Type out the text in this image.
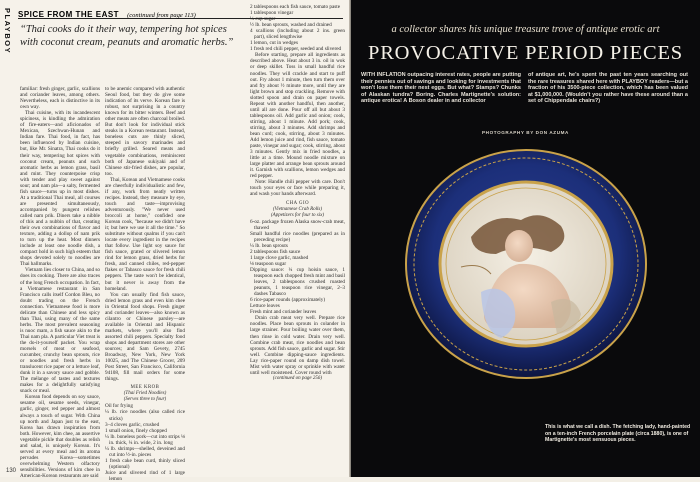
PLAYBOY SPICE FROM THE EAST (continued from page 113)
“Thai cooks do it their way, tempering hot spices with coconut cream, peanuts and aromatic herbs.”

familiar: fresh ginger, garlic, scallions and coriander leaves, among others. Nevertheless, each is distinctive in its own way.

Thai cuisine, with its incandescent spiciness, is kindling the admiration of fire-eaters—and aficionados of Mexican, Szechwan-Hunan and Indian fare. Thai food, in fact, has been influenced by Indian cuisine, but, like Mr. Sinatra, Thai cooks do it their way, tempering hot spices with coconut cream, peanuts and such aromatic herbs as lemon grass, basil and mint. They counterpoise crisp with tender and play sweet against sour; and nam pla—a salty, fermented fish sauce—turns up in most dishes. At a traditional Thai meal, all courses are presented simultaneously, accompanied by pungent relishes called nam prik. Diners take a nibble of this and a nubbin of that, creating their own combinations of flavor and texture, adding a dollop of nam prik to turn up the heat. Most dinners include at least one noodle dish, a compact hold in such high esteem that shops devoted solely to noodles are Thai hallmarks.

Vietnam lies closer to China, and so does its cooking. There are also traces of the long French occupation. In fact, a Vietnamese restaurant in San Francisco calls itself Cordon Bleu, no doubt trading on the French connection. Vietnamese food is more delicate than Chinese and less spicy than Thai, using many of the same herbs. The most prevalent seasoning is nuoc mam, a fish sauce akin to the Thai nam pla. A particular Viet treat is the do-it-yourself packet. You wrap morsels of meat or seafood, cucumber, crunchy bean sprouts, rice or noodles and fresh herbs in translucent rice paper or a lettuce leaf, dunk it in a savory sauce and gobble. The mélange of tastes and textures makes for a delightfully satisfying snack or meal.

Korean food depends on soy sauce, sesame oil, sesame seeds, vinegar, garlic, ginger, red pepper and almost always a touch of sugar. With China up north and Japan just to the east, Korea has drawn inspiration from both. However, kim chee, an assertive vegetable pickle that doubles as relish and salad, is uniquely Korean. It's served at every meal and its aroma pervades Korea—sometimes overwhelming Western olfactory sensibilities. Versions of kim chee in American-Korean restaurants are said

to be anemic compared with authentic Seoul food, but they do give some indication of its verve. Korean fare is robust, not surprising in a country known for its bitter winters. Beef and other meats are often charcoal broiled. But don't look for individual stick steaks in a Korean restaurant. Instead, boneless cuts are thinly sliced, steeped in savory marinades and briefly grilled. Seared meats and vegetable combinations, reminiscent both of Japanese sukiyaki and of Chinese stir-fried dishes, are popular, too.

Thai, Korean and Vietnamese cooks are cheerfully individualistic and few, if any, work from neatly written recipes. Instead, they measure by eye, touch and taste—improvising adventurously. "We never used broccoli at home," confided one Korean cook, "because we didn't have it; but here we use it all the time." So substitute without qualms if you can't locate every ingredient in the recipes that follow. Use light soy sauce for fish sauce, grated or slivered lemon rind for lemon grass, dried herbs for fresh, and canned chiles, red-pepper flakes or Tabasco sauce for fresh chili peppers. The taste won't be identical, but it never is away from the homeland.

You can usually find fish sauce, dried lemon grass and even kim chee in Oriental food shops. Fresh ginger and coriander leaves—also known as cilantro or Chinese parsley—are available in Oriental and Hispanic markets, where you'll also find assorted chili peppers. Specialty food shops and department stores are other sources; and Sam Gevety, 2745 Broadway, New York, New York 10025, and The Chinese Grocer, 209 Post Street, San Francisco, California 94108, fill mail orders for some things.

MEE KROB
(Thai Fried Noodles)
(Serves three to four)

Oil for frying

¼ lb. rice noodles (also called rice sticks)

3–4 cloves garlic, crushed

1 small onion, finely chopped

¼ lb. boneless pork—cut into strips ⅛ in. thick, ¼ in. wide, 2 in. long

¼ lb. shrimps—shelled, deveined and cut into ½-in. pieces

1 fresh cake bean curd, thinly sliced (optional)

Juice and slivered rind of 1 large lemon

2 tablespoons each fish sauce, tomato paste

1 tablespoon vinegar

¼ cup sugar

½ lb. bean sprouts, washed and drained

4 scallions (including about 2 ins. green part), sliced lengthwise

1 lemon, cut in wedges

1 fresh red chili pepper, seeded and slivered

Before starting, prepare all ingredients as described above. Heat about 3 in. oil in wok or deep skillet. Toss in small handful rice noodles. They will crackle and start to puff out. Fry about 1 minute, then turn them over and fry about ½ minute more, until they are light brown and stop crackling. Remove with slotted spoon and drain on paper towels. Repeat with another handful, then another, until all are done. Pour off all but about 3 tablespoons oil. Add garlic and onion; cook, stirring, about 1 minute. Add pork; cook, stirring, about 3 minutes. Add shrimps and bean curd; cook, stirring, about 3 minutes. Add lemon juice and rind, fish sauce, tomato paste, vinegar and sugar; cook, stirring, about 3 minutes. Gently mix in fried noodles, a little at a time. Mound noodle mixture on large platter and arrange bean sprouts around it. Garnish with scallions, lemon wedges and red pepper.

Note: Handle chili pepper with care. Don't touch your eyes or face while preparing it, and wash your hands afterward.

CHA GIO
(Vietnamese Crab Rolls)
(Appetizers for four to six)

6-oz. package frozen Alaska snow-crab meat, thawed

Small handful rice noodles (prepared as in preceding recipe)

¼ lb. bean sprouts

2 tablespoons fish sauce

1 large clove garlic, mashed

⅛ teaspoon sugar

Dipping sauce: ¼ cup hoisin sauce, 1 teaspoon each chopped fresh mint and basil leaves, 2 tablespoons crushed roasted peanuts, 1 teaspoon rice vinegar, 2–3 dashes Tabasco

6 rice-paper rounds (approximately)

Lettuce leaves

Fresh mint and coriander leaves

Drain crab meat very well. Prepare rice noodles. Place bean sprouts in colander in large strainer. Pour boiling water over them, then rinse in cold water. Drain very well. Combine crab meat, rice noodles and bean sprouts. Add fish sauce, garlic and sugar. Stir well. Combine dipping-sauce ingredients. Lay rice-paper round on damp dish towel. Mist with water spray or sprinkle with water until well moistened. Cover round with

(continued on page 256)
130
a collector shares his unique treasure trove of antique erotic art
PROVOCATIVE PERIOD PIECES
WITH INFLATION outpacing interest rates, people are putting their pennies out of savings and looking for investments that won't lose them their nest eggs. But what? Stamps? Chunks of Alaskan tundra? Boring. Charles Martignette's solution: antique erotica! A Boson dealer in and collector
of antique art, he's spent the past ten years searching out the rare treasures shared here with PLAYBOY readers—but a fraction of his 3500-piece collection, which has been valued at $1,000,000. (Wouldn't you rather have these around than a set of Chippendale chairs?)
PHOTOGRAPHY BY DON AZUMA
This is what we call a dish. The fetching lady, hand-painted on a ten-inch French porcelain plate (circa 1880), is one of Martignette's most sensuous pieces.
